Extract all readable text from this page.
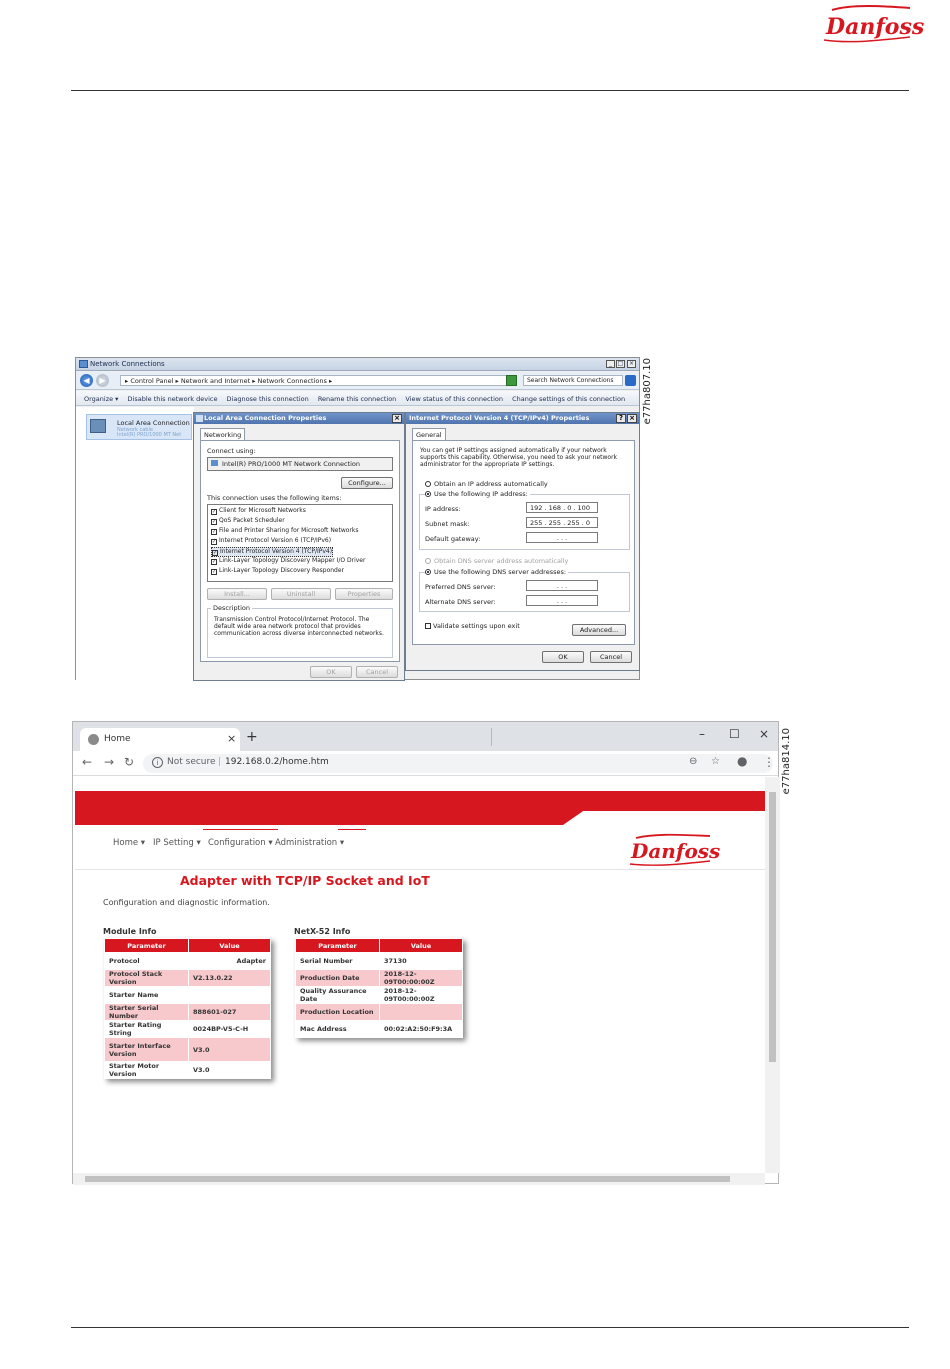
Danfoss
e77ha807.10
Network Connections	_ □ ×
◀	▶	▸ Control Panel ▸ Network and Internet ▸ Network Connections ▸	Search Network Connections
Organize ▾ Disable this network device Diagnose this connection Rename this connection View status of this connection Change settings of this connection
Local Area Connection
Network cable
Intel(R) PRO/1000 MT Net
Local Area Connection Properties	×
Networking
Connect using:
Intel(R) PRO/1000 MT Network Connection
Configure...
This connection uses the following items:
✓ Client for Microsoft Networks
✓ QoS Packet Scheduler
✓ File and Printer Sharing for Microsoft Networks
✓ Internet Protocol Version 6 (TCP/IPv6)
✓ Internet Protocol Version 4 (TCP/IPv4)
✓ Link-Layer Topology Discovery Mapper I/O Driver
✓ Link-Layer Topology Discovery Responder
Install...	Uninstall	Properties
Description
Transmission Control Protocol/Internet Protocol. The default wide area network protocol that provides communication across diverse interconnected networks.
OK	Cancel
Internet Protocol Version 4 (TCP/IPv4) Properties	? ×
General
You can get IP settings assigned automatically if your network supports this capability. Otherwise, you need to ask your network administrator for the appropriate IP settings.
Obtain an IP address automatically
Use the following IP address:
IP address:	192 . 168 . 0 . 100
Subnet mask:	255 . 255 . 255 . 0
Default gateway:	. . .
Obtain DNS server address automatically
Use the following DNS server addresses:
Preferred DNS server:	. . .
Alternate DNS server:	. . .
Validate settings upon exit	Advanced...
OK	Cancel
e77ha814.10
Home	× +	– ☐ ×
← → ↻	i Not secure | 192.168.0.2/home.htm	⊖ ☆ ● ⋮
Home ▾ IP Setting ▾ Configuration ▾ Administration ▾	Danfoss
Adapter with TCP/IP Socket and IoT
Configuration and diagnostic information.
Module Info
Parameter	Value
Protocol	Adapter
Protocol Stack Version	V2.13.0.22
Starter Name	
Starter Serial Number	888601-027
Starter Rating String	0024BP-V5-C-H
Starter Interface Version	V3.0
Starter Motor Version	V3.0
NetX-52 Info
Parameter	Value
Serial Number	37130
Production Date	2018-12-09T00:00:00Z
Quality Assurance Date	2018-12-09T00:00:00Z
Production Location	
Mac Address	00:02:A2:50:F9:3A
